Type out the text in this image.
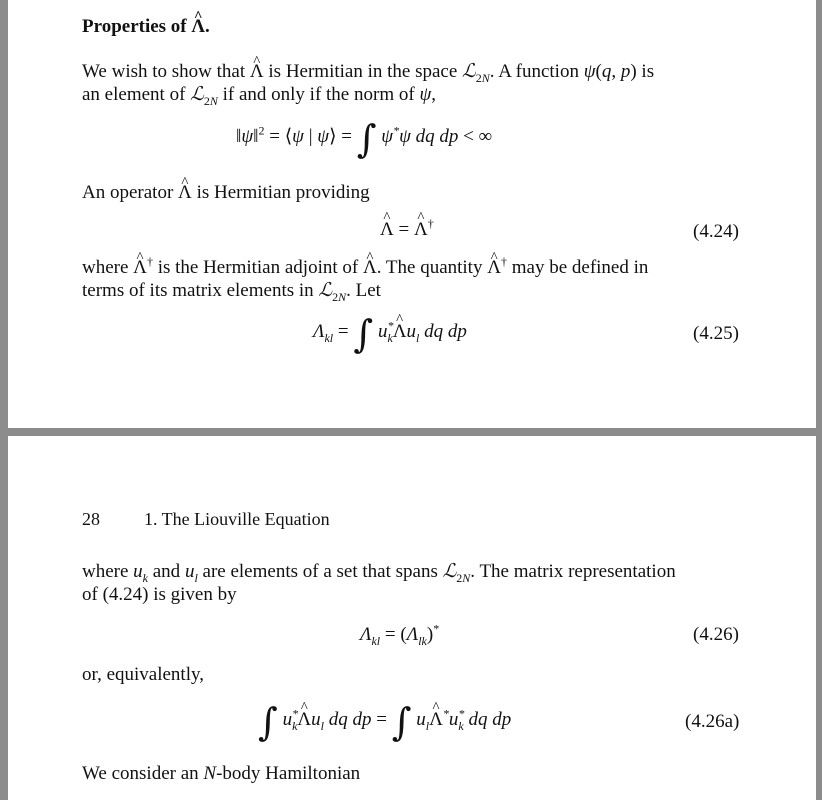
Properties of ^ Λ.
We wish to show that ^ Λ is Hermitian in the space ℒ$_{2N}$. A function ψ(q, p) is
an element of ℒ$_{2N}$ if and only if the norm of ψ,
‖ψ‖$^2$ = ⟨ψ | ψ⟩ = ∫ ψ*ψ dq dp < ∞
An operator ^ Λ is Hermitian providing
^ Λ = ^ Λ†	(4.24)
where ^ Λ† is the Hermitian adjoint of ^ Λ. The quantity ^ Λ† may be defined in
terms of its matrix elements in ℒ$_{2N}$. Let
$\Lambda_{kl}$ = ∫ $u^*_k\^{}$ $\Lambda u_l$ dq dp	(4.25)
28 1. The Liouville Equation
where $u_k$ and $u_l$ are elements of a set that spans ℒ$_{2N}$. The matrix representation
of (4.24) is given by
$\Lambda_{kl} = (\Lambda_{lk})^*$	(4.26)
or, equivalently,
∫ $u^*_k\^{}$ $\Lambda u_l$ dq dp = ∫ $u_l\^{}$ $\Lambda^*u^*_k$ dq dp	(4.26a)
We consider an N-body Hamiltonian
